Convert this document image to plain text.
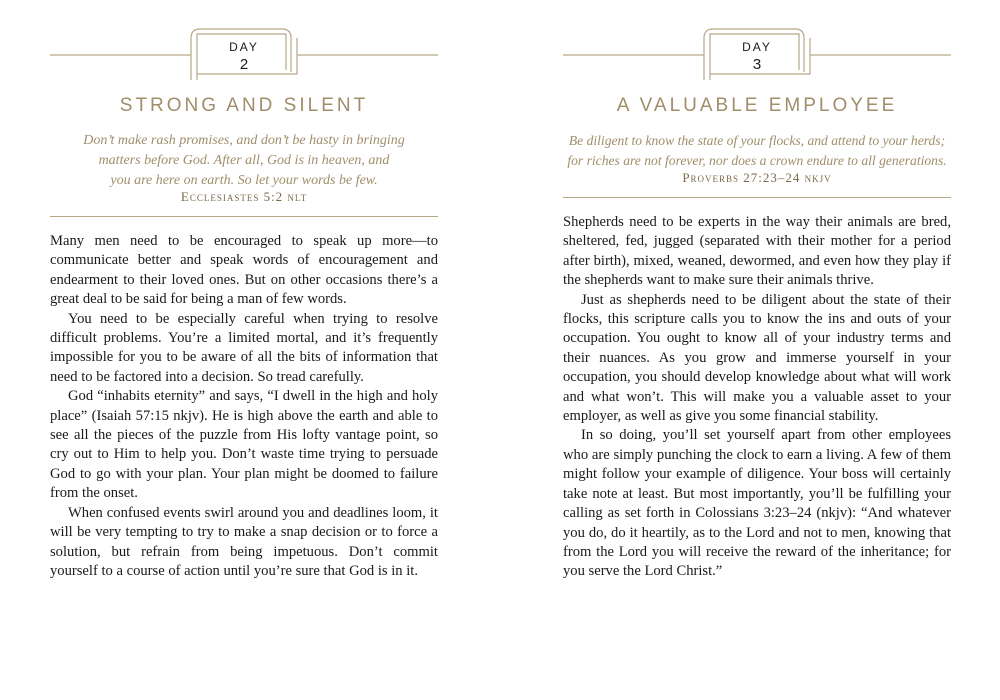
DAY
2
STRONG AND SILENT
Don’t make rash promises, and don’t be hasty in bringing
matters before God. After all, God is in heaven, and
you are here on earth. So let your words be few.
Ecclesiastes 5:2 nlt

Many men need to be encouraged to speak up more—to communicate better and speak words of encouragement and endearment to their loved ones. But on other occasions there’s a great deal to be said for being a man of few words.

You need to be especially careful when trying to resolve difficult problems. You’re a limited mortal, and it’s frequently impossible for you to be aware of all the bits of information that need to be factored into a decision. So tread carefully.

God “inhabits eternity” and says, “I dwell in the high and holy place” (Isaiah 57:15 nkjv). He is high above the earth and able to see all the pieces of the puzzle from His lofty vantage point, so cry out to Him to help you. Don’t waste time trying to persuade God to go with your plan. Your plan might be doomed to failure from the onset.

When confused events swirl around you and deadlines loom, it will be very tempting to try to make a snap decision or to force a solution, but refrain from being impetuous. Don’t commit yourself to a course of action until you’re sure that God is in it.

DAY
3
A VALUABLE EMPLOYEE
Be diligent to know the state of your flocks, and attend to your herds;
for riches are not forever, nor does a crown endure to all generations.
Proverbs 27:23–24 nkjv

Shepherds need to be experts in the way their animals are bred, sheltered, fed, jugged (separated with their mother for a period after birth), mixed, weaned, dewormed, and even how they play if the shepherds want to make sure their animals thrive.

Just as shepherds need to be diligent about the state of their flocks, this scripture calls you to know the ins and outs of your occupation. You ought to know all of your industry terms and their nuances. As you grow and immerse yourself in your occupation, you should develop knowledge about what will work and what won’t. This will make you a valuable asset to your employer, as well as give you some financial stability.

In so doing, you’ll set yourself apart from other employees who are simply punching the clock to earn a living. A few of them might follow your example of diligence. Your boss will certainly take note at least. But most importantly, you’ll be fulfilling your calling as set forth in Colossians 3:23–24 (nkjv): “And whatever you do, do it heartily, as to the Lord and not to men, knowing that from the Lord you will receive the reward of the inheritance; for you serve the Lord Christ.”
